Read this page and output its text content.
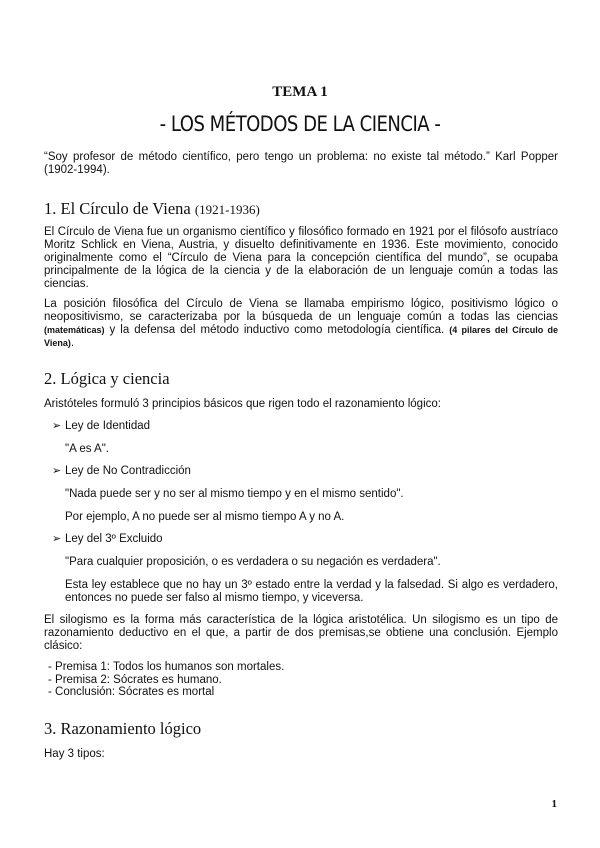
TEMA 1
- LOS MÉTODOS DE LA CIENCIA -

“Soy profesor de método científico, pero tengo un problema: no existe tal método.” Karl Popper (1902-1994).

1. El Círculo de Viena (1921-1936)

El Círculo de Viena fue un organismo científico y filosófico formado en 1921 por el filósofo austríaco Moritz Schlick en Viena, Austria, y disuelto definitivamente en 1936. Este movimiento, conocido originalmente como el “Círculo de Viena para la concepción científica del mundo”, se ocupaba principalmente de la lógica de la ciencia y de la elaboración de un lenguaje común a todas las ciencias.

La posición filosófica del Círculo de Viena se llamaba empirismo lógico, positivismo lógico o neopositivismo, se caracterizaba por la búsqueda de un lenguaje común a todas las ciencias (matemáticas) y la defensa del método inductivo como metodología científica. (4 pilares del Círculo de Viena).

2. Lógica y ciencia

Aristóteles formuló 3 principios básicos que rigen todo el razonamiento lógico:

➢ Ley de Identidad

"A es A".

➢ Ley de No Contradicción

"Nada puede ser y no ser al mismo tiempo y en el mismo sentido".

Por ejemplo, A no puede ser al mismo tiempo A y no A.

➢ Ley del 3º Excluido

"Para cualquier proposición, o es verdadera o su negación es verdadera".

Esta ley establece que no hay un 3º estado entre la verdad y la falsedad. Si algo es verdadero, entonces no puede ser falso al mismo tiempo, y viceversa.

El silogismo es la forma más característica de la lógica aristotélica. Un silogismo es un tipo de razonamiento deductivo en el que, a partir de dos premisas,se obtiene una conclusión. Ejemplo clásico:

- Premisa 1: Todos los humanos son mortales.
- Premisa 2: Sócrates es humano.
- Conclusión: Sócrates es mortal
3. Razonamiento lógico

Hay 3 tipos:

1
